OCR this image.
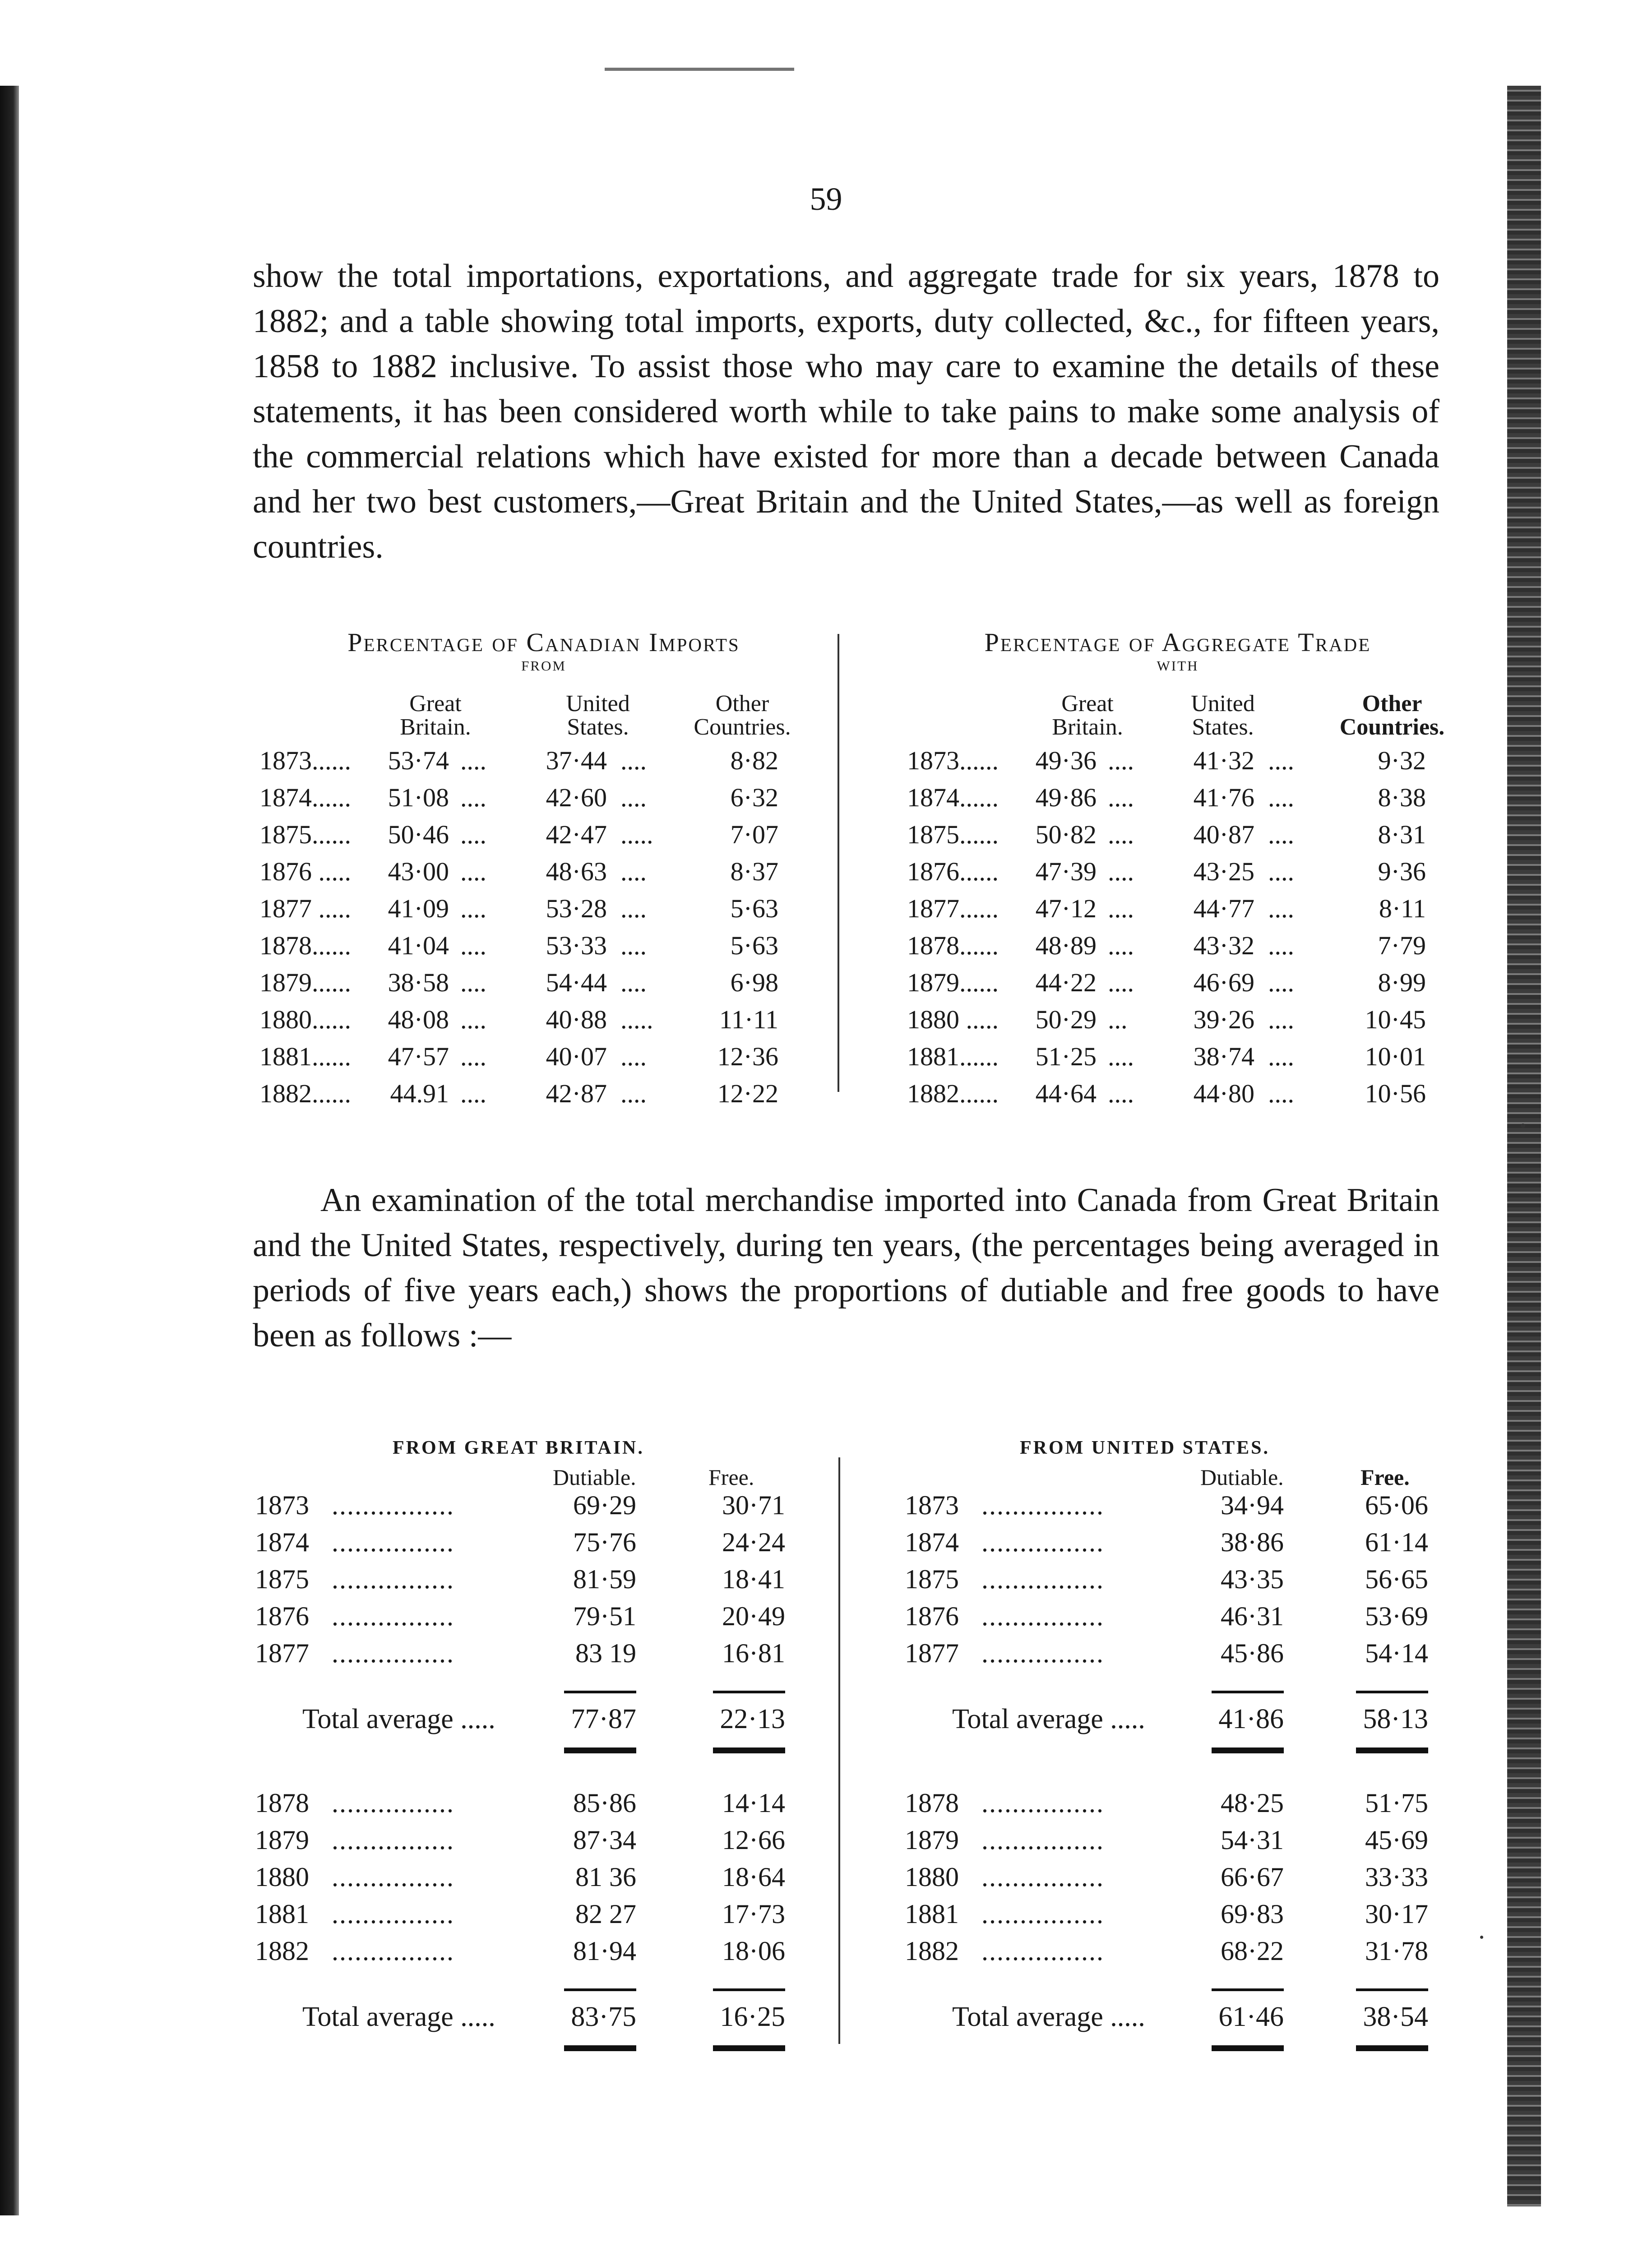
59

show the total importations, exportations, and aggregate trade for six years, 1878 to 1882; and a table showing total imports, exports, duty collected, &c., for fifteen years, 1858 to 1882 inclusive. To assist those who may care to examine the details of these statements, it has been considered worth while to take pains to make some analysis of the commercial relations which have existed for more than a decade between Canada and her two best customers,—Great Britain and the United States,—as well as foreign countries.

Percentage of Canadian Imports
from
Great
Britain.
United
States.
Other
Countries.
1873......	53·74 ....	37·44 ....	8·82
1874......	51·08 ....	42·60 ....	6·32
1875......	50·46 ....	42·47 .....	7·07
1876 .....	43·00 ....	48·63 ....	8·37
1877 .....	41·09 ....	53·28 ....	5·63
1878......	41·04 ....	53·33 ....	5·63
1879......	38·58 ....	54·44 ....	6·98
1880......	48·08 ....	40·88 .....	11·11
1881......	47·57 ....	40·07 ....	12·36
1882......	44.91 ....	42·87 ....	12·22
Percentage of Aggregate Trade
with
Great
Britain.
United
States.
Other
Countries.
1873......	49·36 ....	41·32 ....	9·32
1874......	49·86 ....	41·76 ....	8·38
1875......	50·82 ....	40·87 ....	8·31
1876......	47·39 ....	43·25 ....	9·36
1877......	47·12 ....	44·77 ....	8·11
1878......	48·89 ....	43·32 ....	7·79
1879......	44·22 ....	46·69 ....	8·99
1880 .....	50·29 ...	39·26 ....	10·45
1881......	51·25 ....	38·74 ....	10·01
1882......	44·64 ....	44·80 ....	10·56

An examination of the total merchandise imported into Canada from Great Britain and the United States, respectively, during ten years, (the percentages being averaged in periods of five years each,) shows the proportions of dutiable and free goods to have been as follows :—

FROM GREAT BRITAIN.
Dutiable.	Free.
1873 ................	69·29	30·71
1874 ................	75·76	24·24
1875 ................	81·59	18·41
1876 ................	79·51	20·49
1877 ................	83 19	16·81
Total average .....	77·87	22·13
1878 ................	85·86	14·14
1879 ................	87·34	12·66
1880 ................	81 36	18·64
1881 ................	82 27	17·73
1882 ................	81·94	18·06
Total average .....	83·75	16·25
FROM UNITED STATES.
Dutiable.	Free.
1873 ................	34·94	65·06
1874 ................	38·86	61·14
1875 ................	43·35	56·65
1876 ................	46·31	53·69
1877 ................	45·86	54·14
Total average .....	41·86	58·13
1878 ................	48·25	51·75
1879 ................	54·31	45·69
1880 ................	66·67	33·33
1881 ................	69·83	30·17
1882 ................	68·22	31·78
Total average .....	61·46	38·54
